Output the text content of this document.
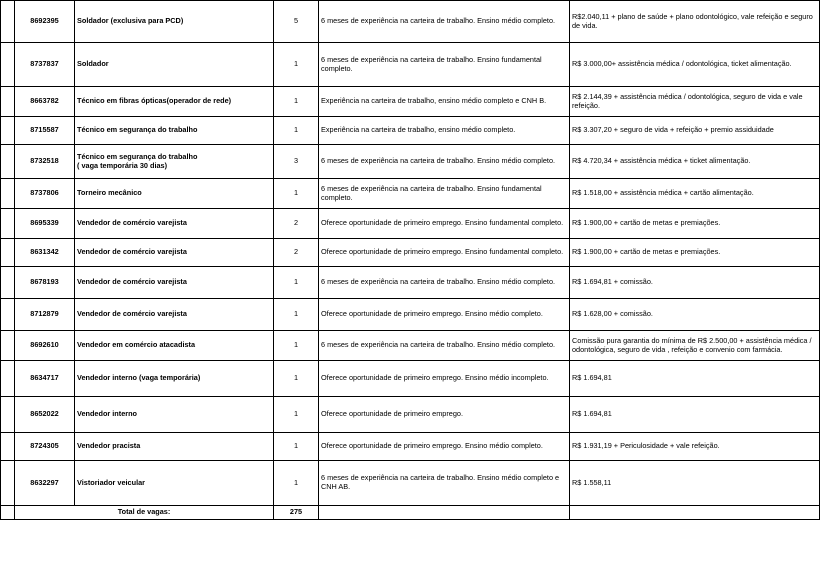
	8692395	Soldador (exclusiva para PCD)	5	6 meses de experiência na carteira de trabalho. Ensino médio completo.	R$2.040,11 + plano de saúde + plano odontológico, vale refeição e seguro de vida.
	8737837	Soldador	1	6 meses de experiência na carteira de trabalho. Ensino fundamental completo.	R$ 3.000,00+ assistência médica / odontológica, ticket alimentação.
	8663782	Técnico em fibras ópticas(operador de rede)	1	Experiência na carteira de trabalho, ensino médio completo e CNH B.	R$ 2.144,39 + assistência médica / odontológica, seguro de vida e vale refeição.
	8715587	Técnico em segurança do trabalho	1	Experiência na carteira de trabalho, ensino médio completo.	R$ 3.307,20 + seguro de vida + refeição + premio assiduidade
	8732518	Técnico em segurança do trabalho
( vaga temporária 30 dias)	3	6 meses de experiência na carteira de trabalho. Ensino médio completo.	R$ 4.720,34 + assistência médica + ticket alimentação.
	8737806	Torneiro mecânico	1	6 meses de experiência na carteira de trabalho. Ensino fundamental completo.	R$ 1.518,00 + assistência médica + cartão alimentação.
	8695339	Vendedor de comércio varejista	2	Oferece oportunidade de primeiro emprego. Ensino fundamental completo.	R$ 1.900,00 + cartão de metas e premiações.
	8631342	Vendedor de comércio varejista	2	Oferece oportunidade de primeiro emprego. Ensino fundamental completo.	R$ 1.900,00 + cartão de metas e premiações.
	8678193	Vendedor de comércio varejista	1	6 meses de experiência na carteira de trabalho. Ensino médio completo.	R$ 1.694,81 + comissão.
	8712879	Vendedor de comércio varejista	1	Oferece oportunidade de primeiro emprego. Ensino médio completo.	R$ 1.628,00 + comissão.
	8692610	Vendedor em comércio atacadista	1	6 meses de experiência na carteira de trabalho. Ensino médio completo.	Comissão pura garantia do mínima de R$ 2.500,00 + assistência médica / odontológica, seguro de vida , refeição e convenio com farmácia.
	8634717	Vendedor interno (vaga temporária)	1	Oferece oportunidade de primeiro emprego. Ensino médio incompleto.	R$ 1.694,81
	8652022	Vendedor interno	1	Oferece oportunidade de primeiro emprego.	R$ 1.694,81
	8724305	Vendedor pracista	1	Oferece oportunidade de primeiro emprego. Ensino médio completo.	R$ 1.931,19 + Periculosidade + vale refeição.
	8632297	Vistoriador veicular	1	6 meses de experiência na carteira de trabalho. Ensino médio completo e CNH AB.	R$ 1.558,11
	Total de vagas:		275		
